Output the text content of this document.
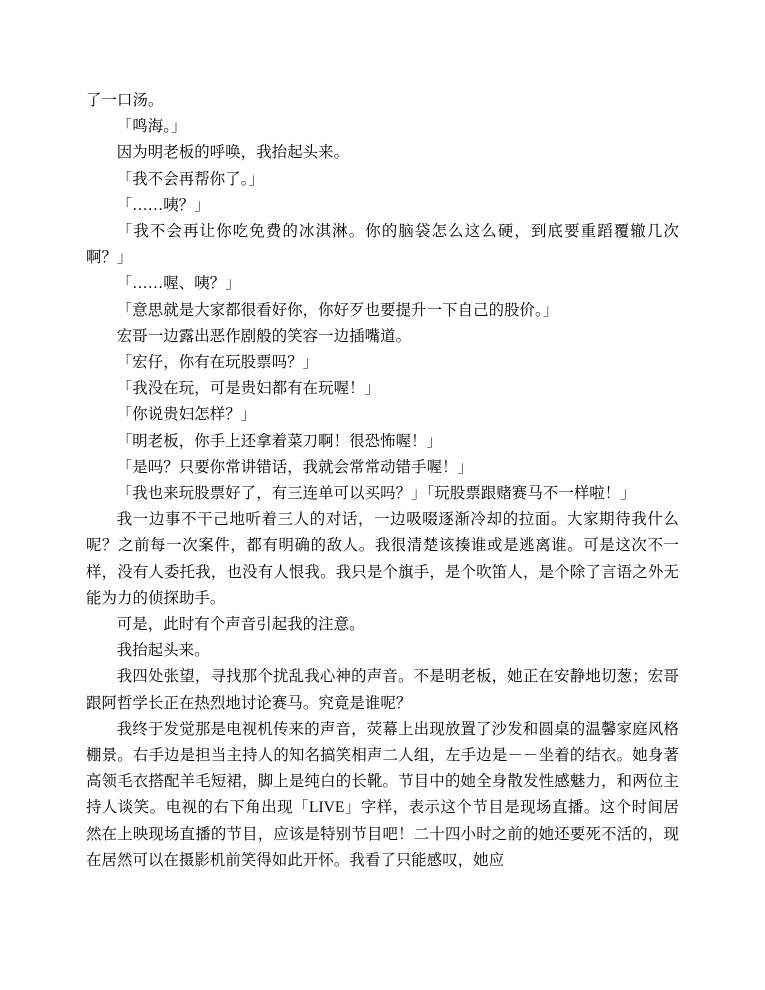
了一口汤。

「鸣海。」

因为明老板的呼唤，我抬起头来。

「我不会再帮你了。」

「……咦？」

「我不会再让你吃免费的冰淇淋。你的脑袋怎么这么硬，到底要重蹈覆辙几次啊？」

「……喔、咦？」

「意思就是大家都很看好你，你好歹也要提升一下自己的股价。」

宏哥一边露出恶作剧般的笑容一边插嘴道。

「宏仔，你有在玩股票吗？」

「我没在玩，可是贵妇都有在玩喔！」

「你说贵妇怎样？」

「明老板，你手上还拿着菜刀啊！很恐怖喔！」

「是吗？只要你常讲错话，我就会常常动错手喔！」

「我也来玩股票好了，有三连单可以买吗？」「玩股票跟赌赛马不一样啦！」

我一边事不干己地听着三人的对话，一边吸啜逐渐冷却的拉面。大家期待我什么呢？之前每一次案件，都有明确的敌人。我很清楚该揍谁或是逃离谁。可是这次不一样，没有人委托我，也没有人恨我。我只是个旗手，是个吹笛人，是个除了言语之外无能为力的侦探助手。

可是，此时有个声音引起我的注意。

我抬起头来。

我四处张望，寻找那个扰乱我心神的声音。不是明老板，她正在安静地切葱；宏哥跟阿哲学长正在热烈地讨论赛马。究竟是谁呢？

我终于发觉那是电视机传来的声音，荧幕上出现放置了沙发和圆桌的温馨家庭风格棚景。右手边是担当主持人的知名搞笑相声二人组，左手边是－－坐着的结衣。她身著高领毛衣搭配羊毛短裙，脚上是纯白的长靴。节目中的她全身散发性感魅力，和两位主持人谈笑。电视的右下角出现「LIVE」字样，表示这个节目是现场直播。这个时间居然在上映现场直播的节目，应该是特别节目吧！二十四小时之前的她还要死不活的，现在居然可以在摄影机前笑得如此开怀。我看了只能感叹，她应
